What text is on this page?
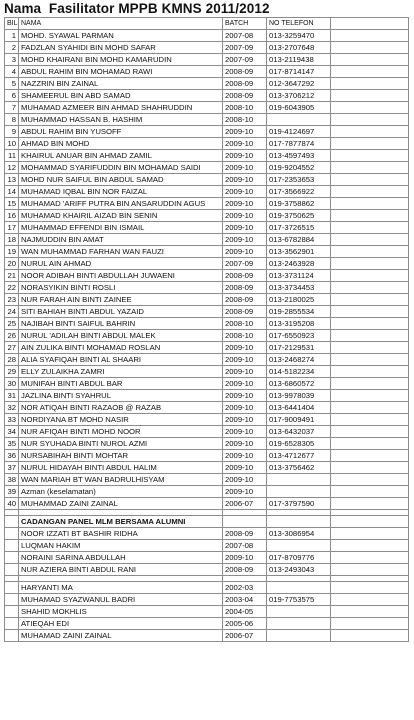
Nama  Fasilitator MPPB KMNS 2011/2012
BIL	NAMA	BATCH	NO TELEFON	
1	MOHD. SYAWAL PARMAN	2007-08	013-3259470	
2	FADZLAN SYAHIDI BIN MOHD SAFAR	2007-09	013-2707648	
3	MOHD KHAIRANI BIN MOHD KAMARUDIN	2007-09	013-2119438	
4	ABDUL RAHIM BIN MOHAMAD RAWI	2008-09	017-8714147	
5	NAZZRIN BIN ZAINAL	2008-09	012-3647292	
6	SHAMEERUL BIN ABD SAMAD	2008-09	013-3706212	
7	MUHAMAD AZMEER BIN AHMAD SHAHRUDDIN	2008-10	019-6043905	
8	MUHAMMAD HASSAN B. HASHIM	2008-10		
9	ABDUL RAHIM BIN YUSOFF	2009-10	019-4124697	
10	AHMAD BIN MOHD	2009-10	017-7877874	
11	KHAIRUL ANUAR BIN AHMAD ZAMIL	2009-10	013-4597493	
12	MOHAMMAD SYARIFUDDIN BIN MOHAMAD SAIDI	2009-10	019-9204552	
13	MOHD NUR SAIFUL BIN ABDUL SAMAD	2009-10	017-2353653	
14	MUHAMAD IQBAL BIN NOR FAIZAL	2009-10	017-3566922	
15	MUHAMAD 'ARIFF PUTRA BIN ANSARUDDIN AGUS	2009-10	019-3758862	
16	MUHAMAD KHAIRIL AIZAD BIN SENIN	2009-10	019-3750625	
17	MUHAMMAD EFFENDI BIN ISMAIL	2009-10	017-3726515	
18	NAJMUDDIN BIN AMAT	2009-10	013-6782884	
19	WAN MUHAMMAD FARHAN WAN FAUZI	2009-10	013-3562901	
20	NURUL AIN AHMAD	2007-09	013-2463928	
21	NOOR ADIBAH BINTI ABDULLAH JUWAENI	2008-09	013-3731124	
22	NORASYIKIN BINTI ROSLI	2008-09	013-3734453	
23	NUR FARAH AIN BINTI ZAINEE	2008-09	013-2180025	
24	SITI BAHIAH BINTI ABDUL YAZAID	2008-09	019-2855534	
25	NAJIBAH BINTI SAIFUL BAHRIN	2008-10	013-3195208	
26	NURUL 'ADILAH BINTI ABDUL MALEK	2008-10	017-6550923	
27	AIN ZULIKA BINTI MOHAMAD ROSLAN	2009-10	017-2129531	
28	ALIA SYAFIQAH BINTI AL SHAARI	2009-10	013-2468274	
29	ELLY ZULAIKHA ZAMRI	2009-10	014-5182234	
30	MUNIFAH BINTI ABDUL BAR	2009-10	013-6860572	
31	JAZLINA BINTI SYAHRUL	2009-10	013-9978039	
32	NOR ATIQAH BINTI RAZAOB @ RAZAB	2009-10	013-6441404	
33	NORDIYANA BT MOHD NASIR	2009-10	017-9009491	
34	NUR AFIQAH BINTI MOHD NOOR	2009-10	013-6432037	
35	NUR SYUHADA BINTI NUROL AZMI	2009-10	019-6528305	
36	NURSABIHAH BINTI MOHTAR	2009-10	013-4712677	
37	NURUL HIDAYAH BINTI ABDUL HALIM	2009-10	013-3756462	
38	WAN MARIAH BT WAN BADRULHISYAM	2009-10		
39	Azman (keselamatan)	2009-10		
40	MUHAMMAD ZAINI ZAINAL	2006-07	017-3797590	

	CADANGAN PANEL MLM BERSAMA ALUMNI			
	NOOR IZZATI BT BASHIR RIDHA	2008-09	013-3086954	
	LUQMAN HAKIM	2007-08		
	NORAINI SARINA ABDULLAH	2009-10	017-8709776	
	NUR AZIERA BINTI ABDUL RANI	2008-09	013-2493043	

	HARYANTI MA	2002-03		
	MUHAMAD SYAZWANUL BADRI	2003-04	019-7753575	
	SHAHID MOKHLIS	2004-05		
	ATIEQAH EDI	2005-06		
	MUHAMAD ZAINI ZAINAL	2006-07		
